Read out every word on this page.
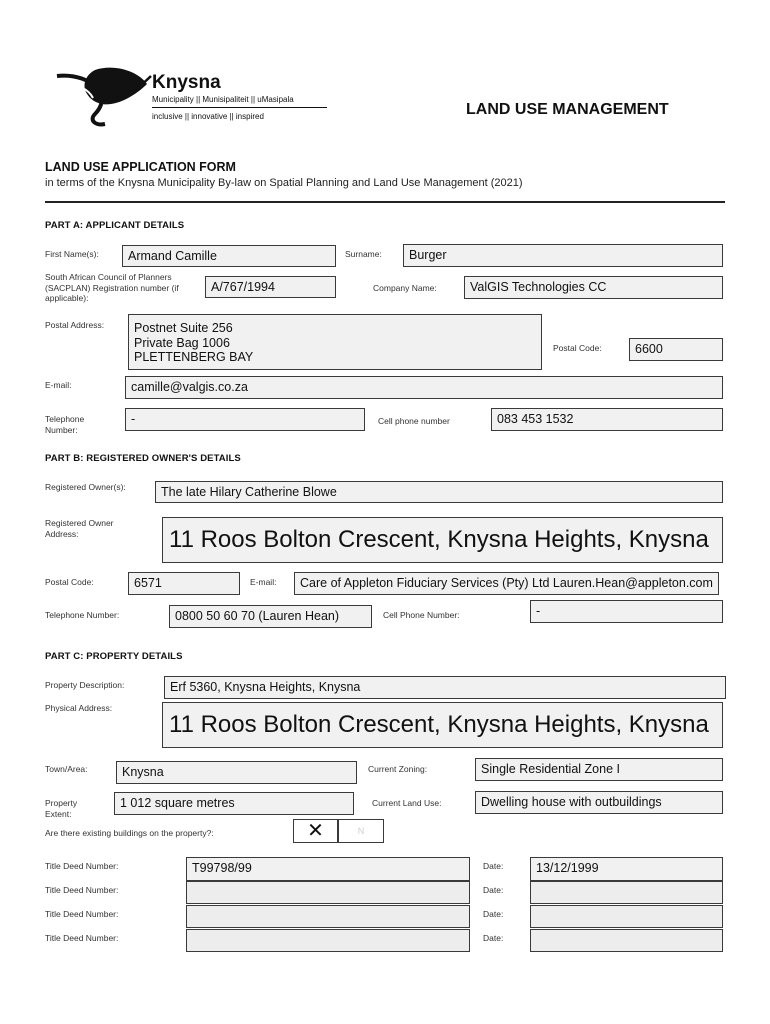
Knysna
Municipality || Munisipaliteit || uMasipala
inclusive || innovative || inspired	LAND USE MANAGEMENT
LAND USE APPLICATION FORM
in terms of the Knysna Municipality By-law on Spatial Planning and Land Use Management (2021)
PART A: APPLICANT DETAILS
First Name(s):	Armand Camille	Surname:	Burger
South African Council of Planners (SACPLAN) Registration number (if applicable):
A/767/1994	Company Name:	ValGIS Technologies CC
Postal Address: Postnet Suite 256
Private Bag 1006
PLETTENBERG BAY
Postal Code:	6600
E-mail:	camille@valgis.co.za
Telephone Number:
-	Cell phone number	083 453 1532
PART B: REGISTERED OWNER'S DETAILS
Registered Owner(s):	The late Hilary Catherine Blowe
Registered Owner Address:	11 Roos Bolton Crescent, Knysna Heights, Knysna
Postal Code:	6571	E-mail:	Care of Appleton Fiduciary Services (Pty) Ltd Lauren.Hean@appleton.com
Telephone Number:	0800 50 60 70 (Lauren Hean)	Cell Phone Number:	-
PART C: PROPERTY DETAILS
Property Description:	Erf 5360, Knysna Heights, Knysna
Physical Address:
11 Roos Bolton Crescent, Knysna Heights, Knysna
Town/Area:	Knysna	Current Zoning:	Single Residential Zone I
Property Extent:
1 012 square metres	Current Land Use:	Dwelling house with outbuildings
Are there existing buildings on the property?:	✕	N
Title Deed Number:	T99798/99	Date:	13/12/1999
Title Deed Number:	Date:
Title Deed Number:	Date:
Title Deed Number:	Date:
